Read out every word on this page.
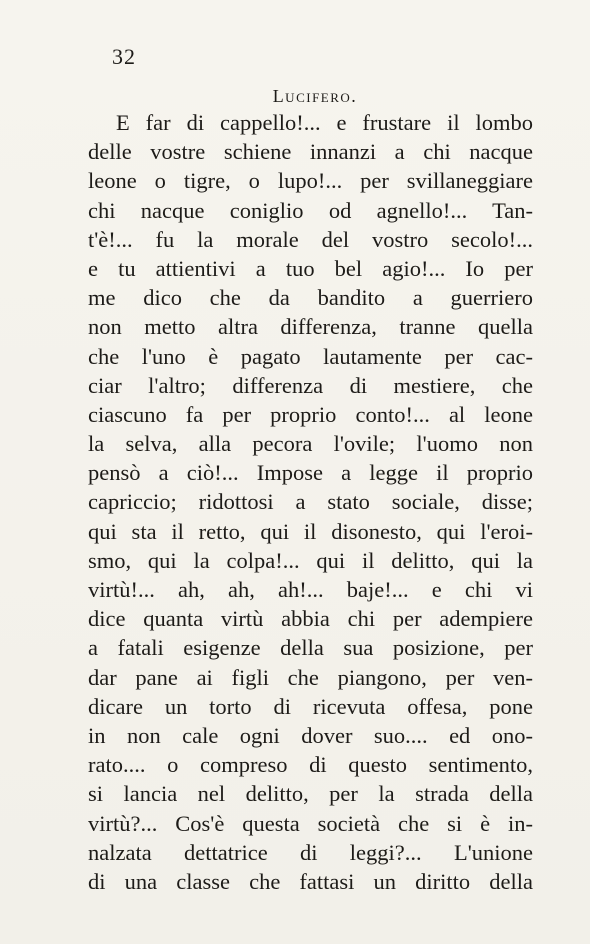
32
Lucifero.
E far di cappello!... e frustare il lombo
delle vostre schiene innanzi a chi nacque
leone o tigre, o lupo!... per svillaneggiare
chi nacque coniglio od agnello!... Tan-
t'è!... fu la morale del vostro secolo!...
e tu attientivi a tuo bel agio!... Io per
me dico che da bandito a guerriero
non metto altra differenza, tranne quella
che l'uno è pagato lautamente per cac-
ciar l'altro; differenza di mestiere, che
ciascuno fa per proprio conto!... al leone
la selva, alla pecora l'ovile; l'uomo non
pensò a ciò!... Impose a legge il proprio
capriccio; ridottosi a stato sociale, disse;
qui sta il retto, qui il disonesto, qui l'eroi-
smo, qui la colpa!... qui il delitto, qui la
virtù!... ah, ah, ah!... baje!... e chi vi
dice quanta virtù abbia chi per adempiere
a fatali esigenze della sua posizione, per
dar pane ai figli che piangono, per ven-
dicare un torto di ricevuta offesa, pone
in non cale ogni dover suo.... ed ono-
rato.... o compreso di questo sentimento,
si lancia nel delitto, per la strada della
virtù?... Cos'è questa società che si è in-
nalzata dettatrice di leggi?... L'unione
di una classe che fattasi un diritto della
